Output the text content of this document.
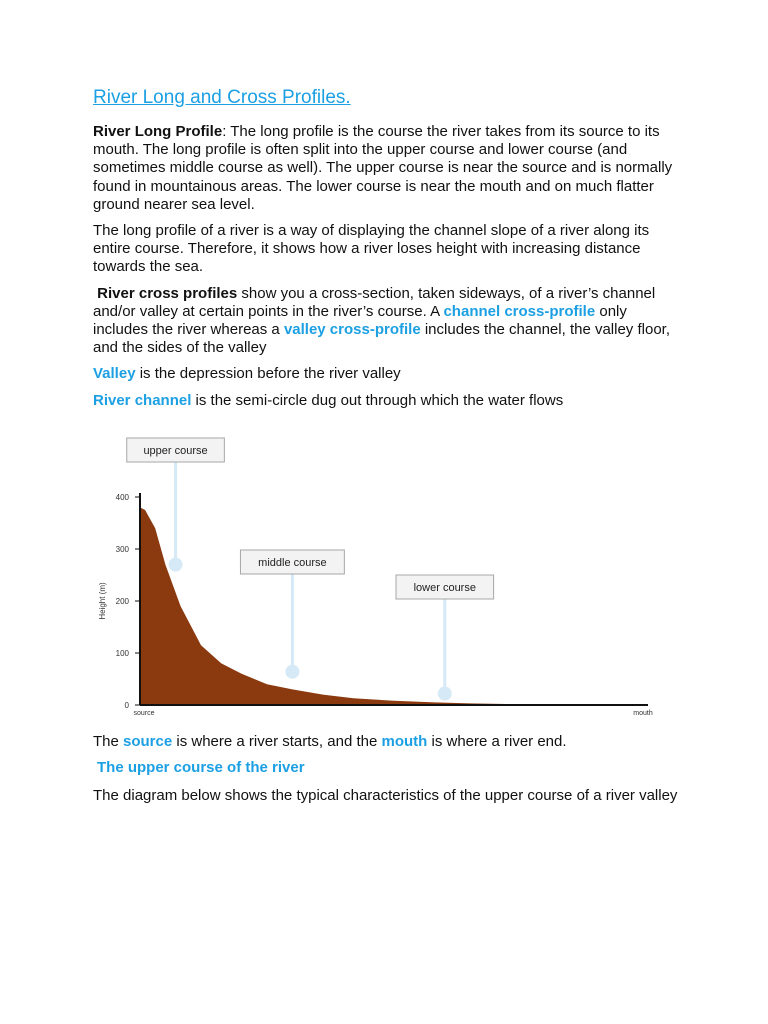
River Long and Cross Profiles.

River Long Profile: The long profile is the course the river takes from its source to its mouth. The long profile is often split into the upper course and lower course (and sometimes middle course as well). The upper course is near the source and is normally found in mountainous areas. The lower course is near the mouth and on much flatter ground nearer sea level.

The long profile of a river is a way of displaying the channel slope of a river along its entire course. Therefore, it shows how a river loses height with increasing distance towards the sea.

River cross profiles show you a cross-section, taken sideways, of a river’s channel and/or valley at certain points in the river’s course. A channel cross-profile only includes the river whereas a valley cross-profile includes the channel, the valley floor, and the sides of the valley

Valley is the depression before the river valley

River channel is the semi-circle dug out through which the water flows

0
100
200
300
400
Height (m)
source	mouth
upper course
middle course
lower course

The source is where a river starts, and the mouth is where a river end.

The upper course of the river

The diagram below shows the typical characteristics of the upper course of a river valley
